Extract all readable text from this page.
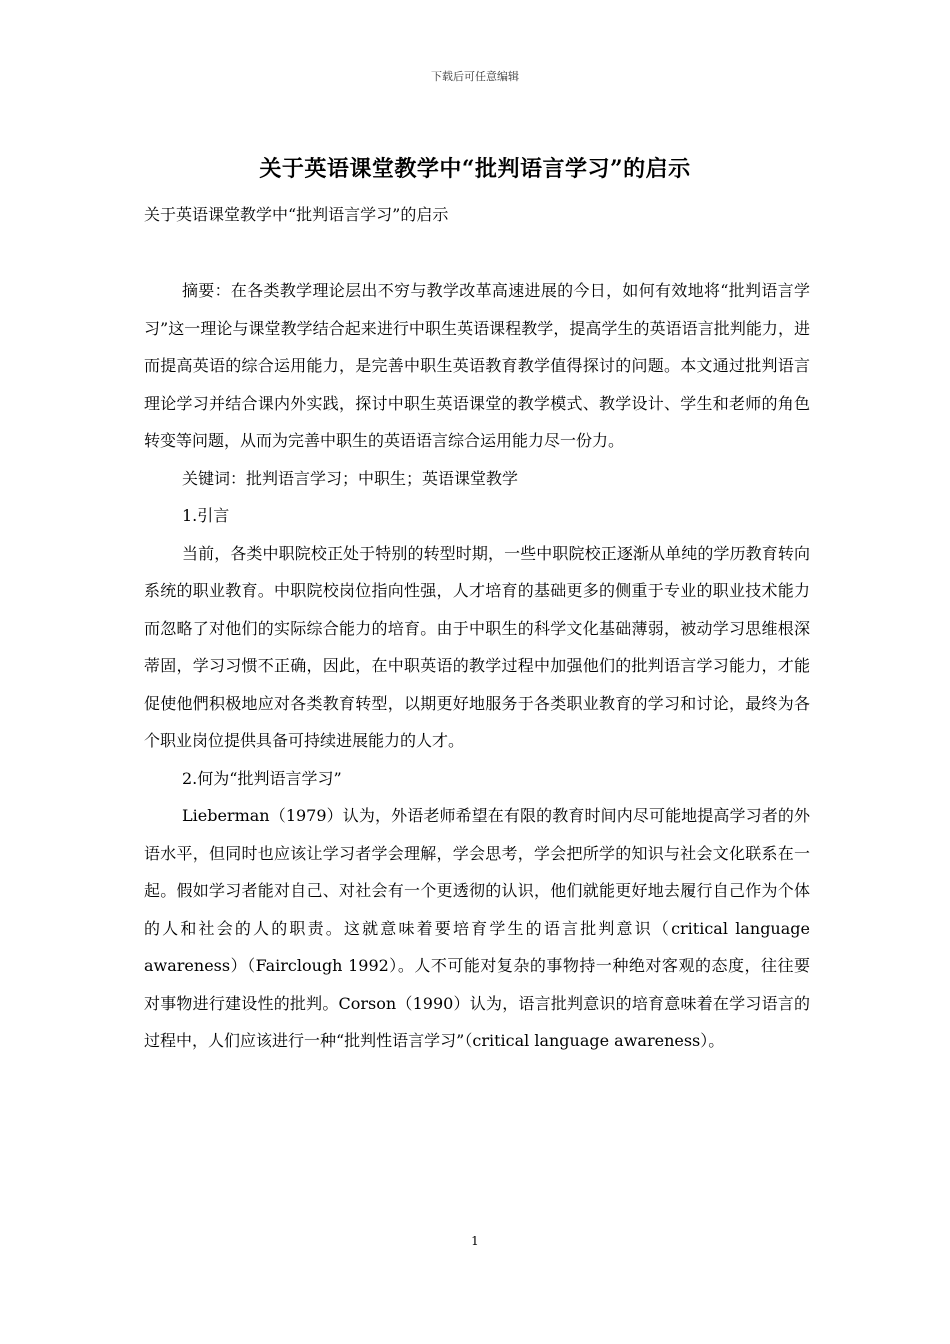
下载后可任意编辑
关于英语课堂教学中“批判语言学习”的启示
关于英语课堂教学中“批判语言学习”的启示

摘要：在各类教学理论层出不穷与教学改革高速进展的今日，如何有效地将“批判语言学习”这一理论与课堂教学结合起来进行中职生英语课程教学，提高学生的英语语言批判能力，进而提高英语的综合运用能力，是完善中职生英语教育教学值得探讨的问题。本文通过批判语言理论学习并结合课内外实践，探讨中职生英语课堂的教学模式、教学设计、学生和老师的角色转变等问题，从而为完善中职生的英语语言综合运用能力尽一份力。

关键词：批判语言学习；中职生；英语课堂教学

1.引言

当前，各类中职院校正处于特别的转型时期，一些中职院校正逐渐从单纯的学历教育转向系统的职业教育。中职院校岗位指向性强，人才培育的基础更多的侧重于专业的职业技术能力而忽略了对他们的实际综合能力的培育。由于中职生的科学文化基础薄弱，被动学习思维根深蒂固，学习习惯不正确，因此，在中职英语的教学过程中加强他们的批判语言学习能力，才能促使他們积极地应对各类教育转型，以期更好地服务于各类职业教育的学习和讨论，最终为各个职业岗位提供具备可持续进展能力的人才。

2.何为“批判语言学习”

Lieberman（1979）认为，外语老师希望在有限的教育时间内尽可能地提高学习者的外语水平，但同时也应该让学习者学会理解，学会思考，学会把所学的知识与社会文化联系在一起。假如学习者能对自己、对社会有一个更透彻的认识，他们就能更好地去履行自己作为个体的人和社会的人的职责。这就意味着要培育学生的语言批判意识（critical language awareness）（Fairclough 1992）。人不可能对复杂的事物持一种绝对客观的态度，往往要对事物进行建设性的批判。Corson（1990）认为，语言批判意识的培育意味着在学习语言的过程中，人们应该进行一种“批判性语言学习”（critical language awareness）。

1
